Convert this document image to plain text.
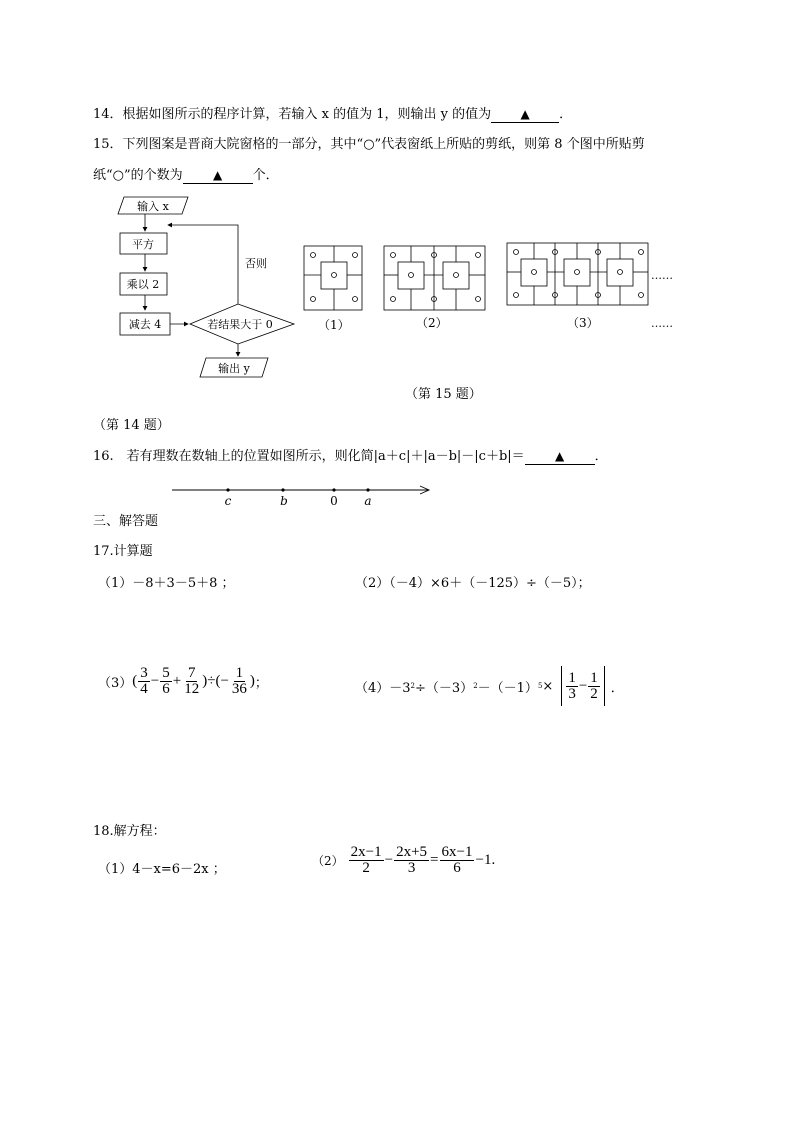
14．根据如图所示的程序计算，若输入 x 的值为 1，则输出 y 的值为 ▲ ．
15．下列图案是晋商大院窗格的一部分，其中“○”代表窗纸上所贴的剪纸，则第 8 个图中所贴剪
纸“○”的个数为	▲ 个．
输入 x
平方
乘以 2
减去 4	若结果大于 0
否则
输出 y
……
（1）	（2）	（3）	……
（第 15 题）
（第 14 题）
16.　若有理数在数轴上的位置如图所示，则化简|a＋c|＋|a－b|－|c＋b|＝	▲ ．
c	b	0 a
三、解答题
17.计算题
（1）－8＋3－5＋8 ；	（2）（－4）×6＋（－125）÷（－5）；
（3） ( $\frac{3}{4} - \frac{5}{6} + \frac{7}{12}$ )÷(− $\frac{1}{36}$ ) ；	（4）－3 2 ÷（－3） 2 －（－1） $5 \times \frac{1}{3} - \frac{1}{2}$ ．
18.解方程：
（1）4－x=6－2x ；
$(2) \frac{2x-1}{2} - \frac{2x+5}{3} = \frac{6x-1}{6} -1$.
